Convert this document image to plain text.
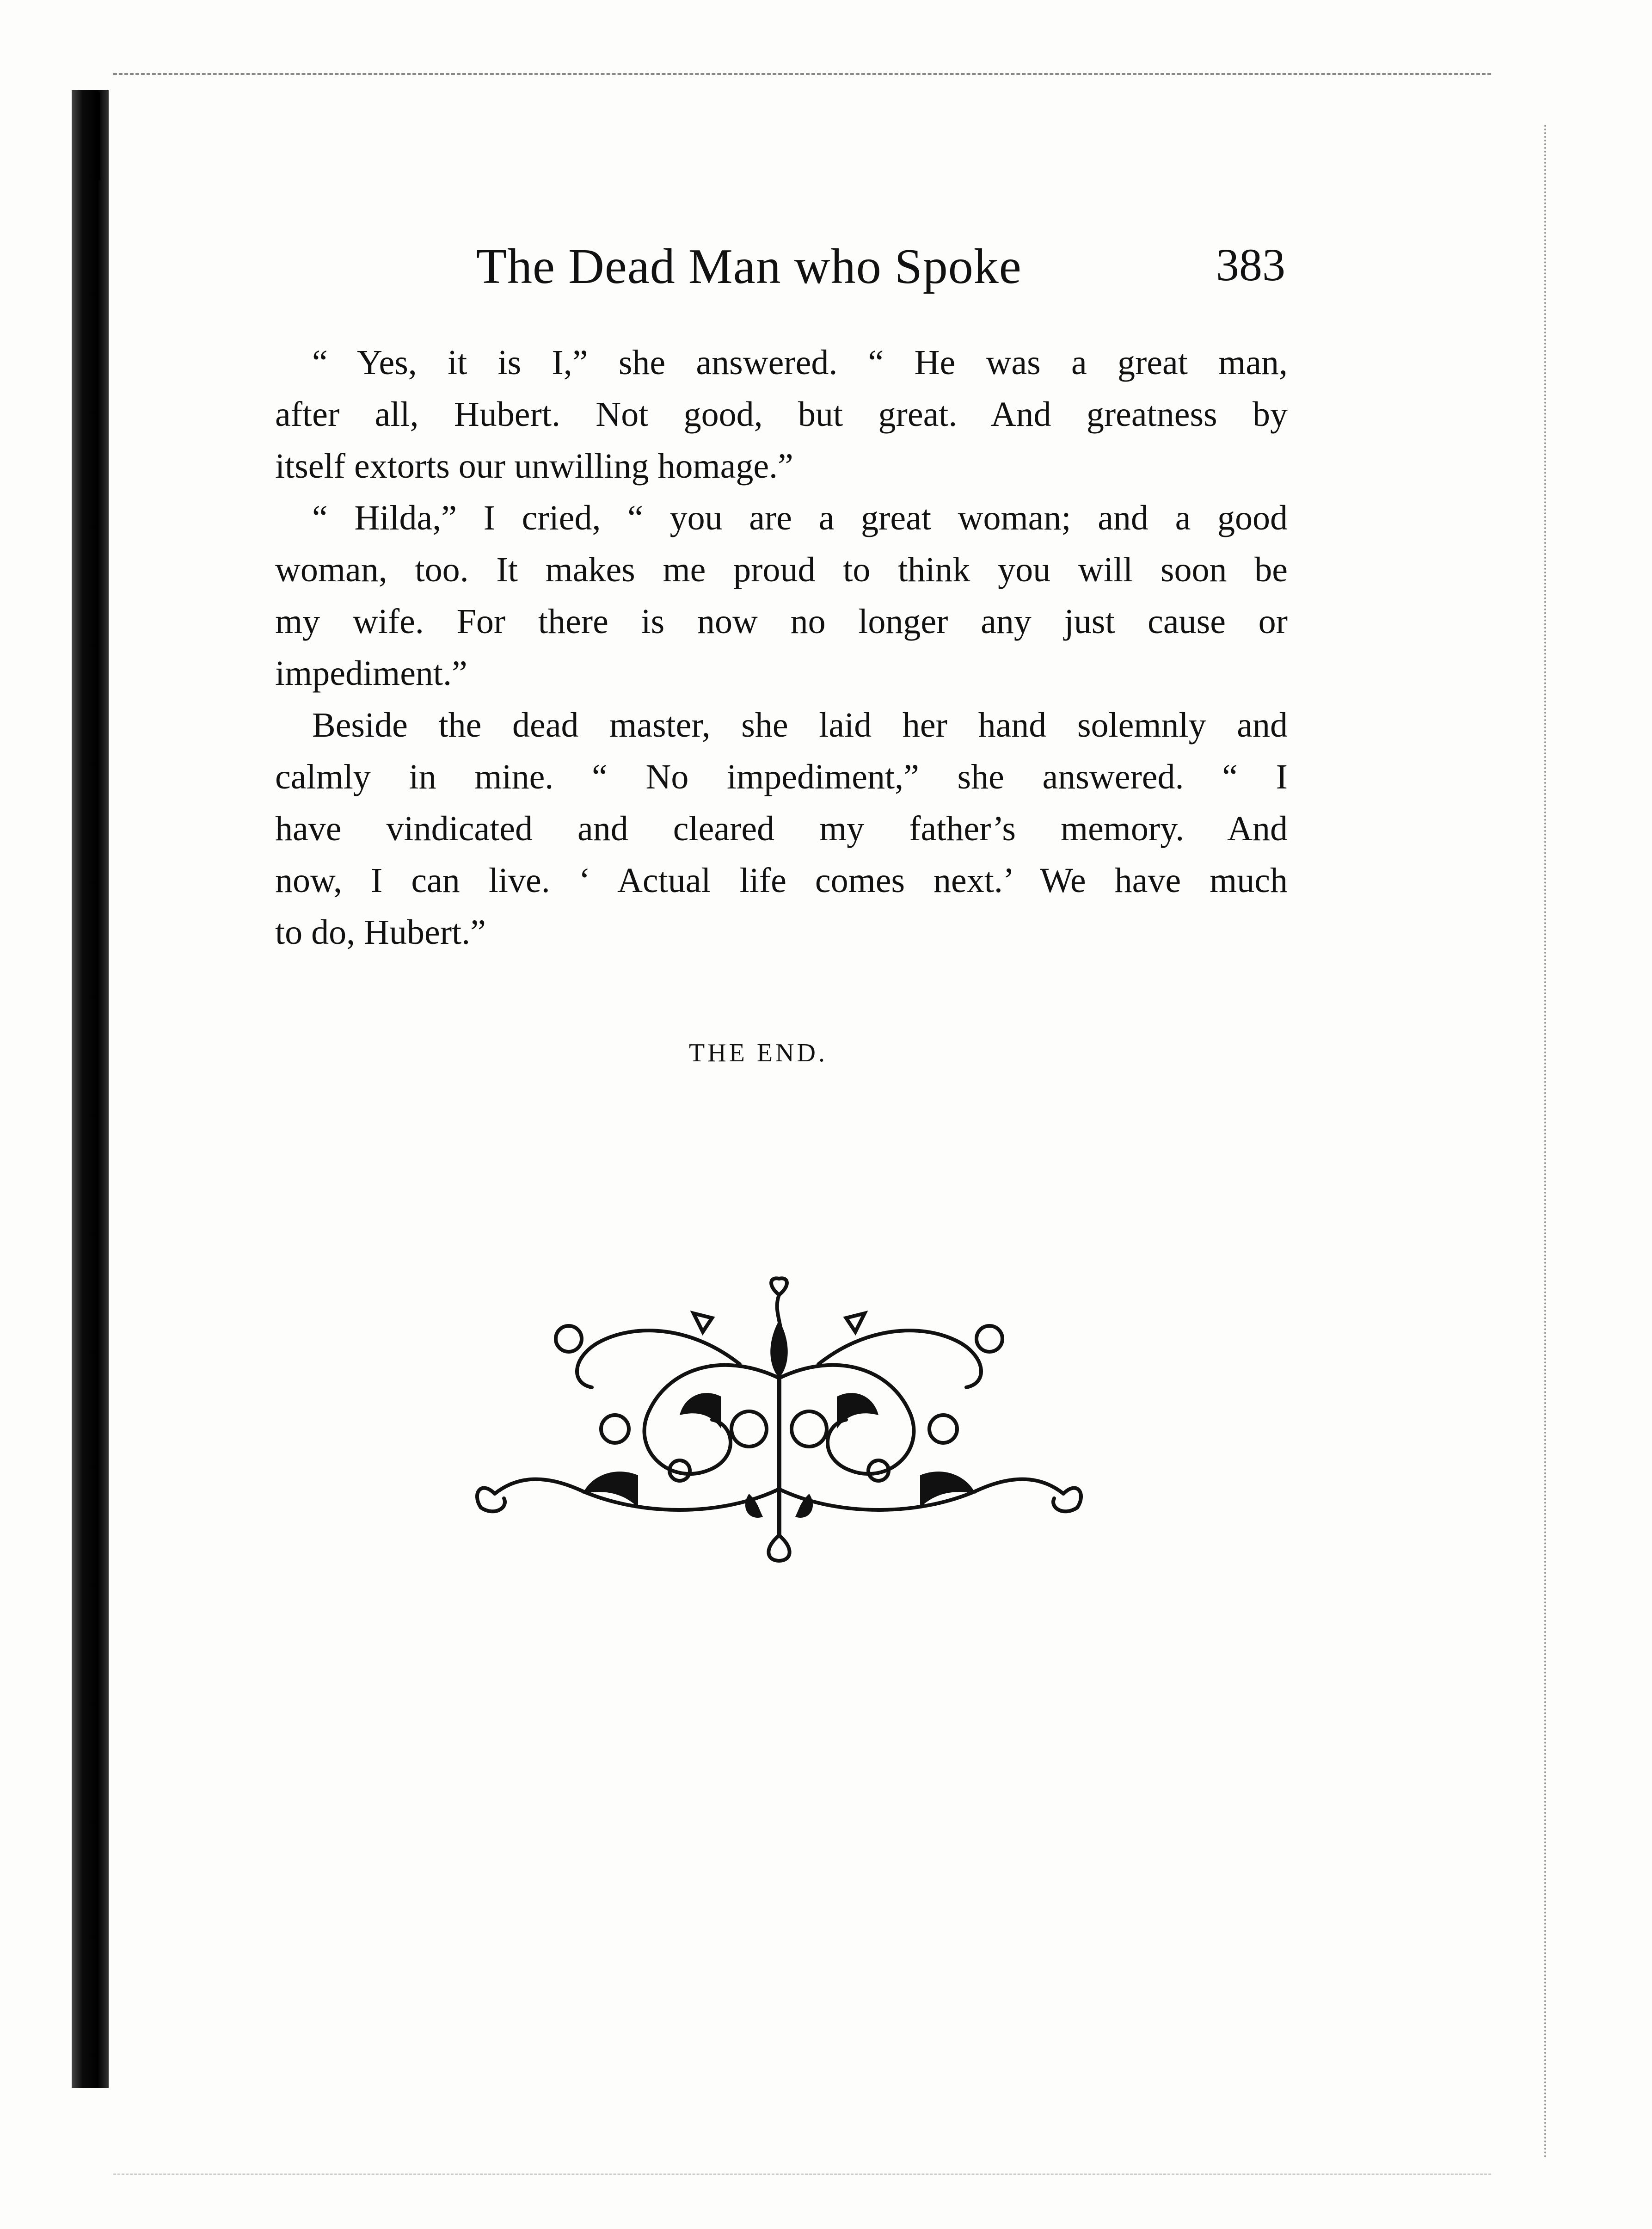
The Dead Man who Spoke	383
“ Yes, it is I,” she answered. “ He was a great man,
after all, Hubert. Not good, but great. And greatness by
itself extorts our unwilling homage.”
“ Hilda,” I cried, “ you are a great woman; and a good
woman, too. It makes me proud to think you will soon be
my wife. For there is now no longer any just cause or
impediment.”
Beside the dead master, she laid her hand solemnly and
calmly in mine. “ No impediment,” she answered. “ I
have vindicated and cleared my father’s memory. And
now, I can live. ‘ Actual life comes next.’ We have much
to do, Hubert.”
THE END.
